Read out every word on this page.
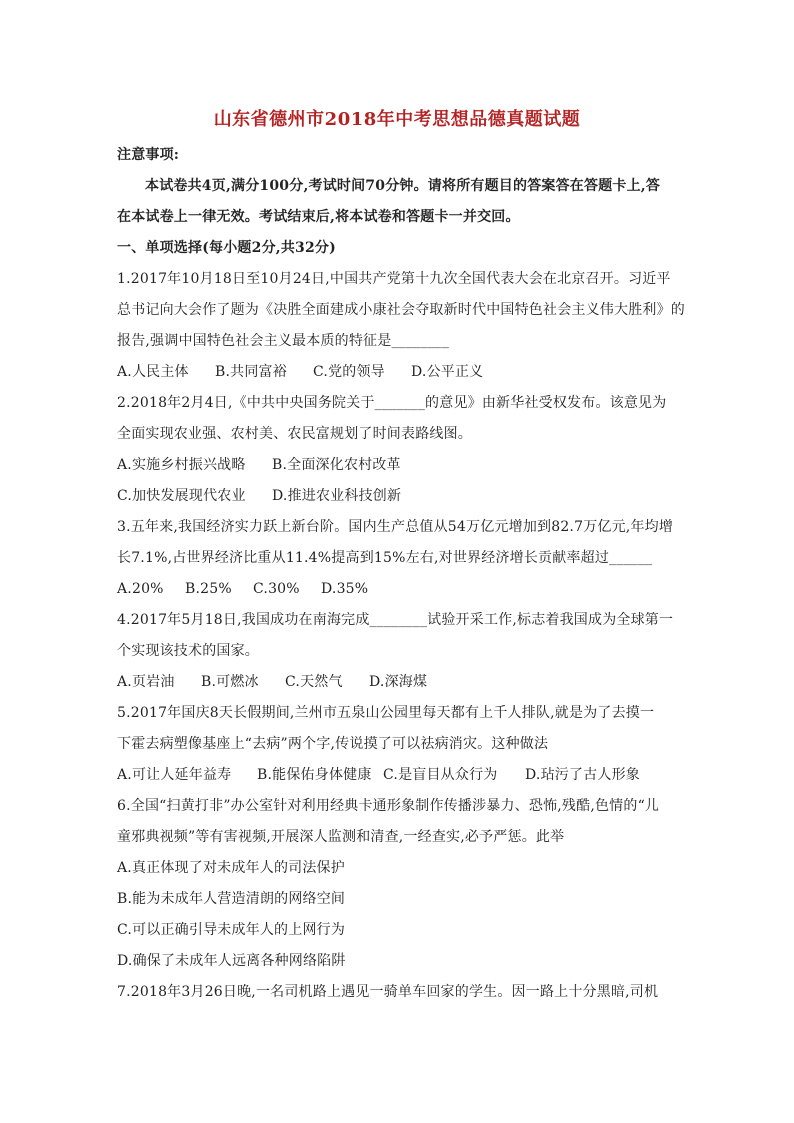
山东省德州市2018年中考思想品德真题试题
注意事项:
本试卷共4页,满分100分,考试时间70分钟。请将所有题目的答案答在答题卡上,答
在本试卷上一律无效。考试结束后,将本试卷和答题卡一并交回。
一、单项选择(每小题2分,共32分)
1.2017年10月18日至10月24日,中国共产党第十九次全国代表大会在北京召开。习近平
总书记向大会作了题为《决胜全面建成小康社会夺取新时代中国特色社会主义伟大胜利》的
报告,强调中国特色社会主义最本质的特征是________
A.人民主体 B.共同富裕 C.党的领导 D.公平正义
2.2018年2月4日,《中共中央国务院关于_______的意见》由新华社受权发布。该意见为
全面实现农业强、农村美、农民富规划了时间表路线图。
A.实施乡村振兴战略 B.全面深化农村改革
C.加快发展现代农业 D.推进农业科技创新
3.五年来,我国经济实力跃上新台阶。国内生产总值从54万亿元增加到82.7万亿元,年均增
长7.1%,占世界经济比重从11.4%提高到15%左右,对世界经济增长贡献率超过______
A.20% B.25% C.30% D.35%
4.2017年5月18日,我国成功在南海完成________试验开采工作,标志着我国成为全球第一
个实现该技术的国家。
A.页岩油 B.可燃冰 C.天然气 D.深海煤
5.2017年国庆8天长假期间,兰州市五泉山公园里每天都有上千人排队,就是为了去摸一
下霍去病塑像基座上“去病”两个字,传说摸了可以祛病消灾。这种做法
A.可让人延年益寿 B.能保佑身体健康 C.是盲目从众行为 D.玷污了古人形象
6.全国“扫黄打非”办公室针对利用经典卡通形象制作传播涉暴力、恐怖,残酷,色情的“儿
童邪典视频”等有害视频,开展深人监测和清查,一经查实,必予严惩。此举
A.真正体现了对未成年人的司法保护
B.能为未成年人营造清朗的网络空间
C.可以正确引导未成年人的上网行为
D.确保了未成年人远离各种网络陷阱
7.2018年3月26日晚,一名司机路上遇见一骑单车回家的学生。因一路上十分黑暗,司机
